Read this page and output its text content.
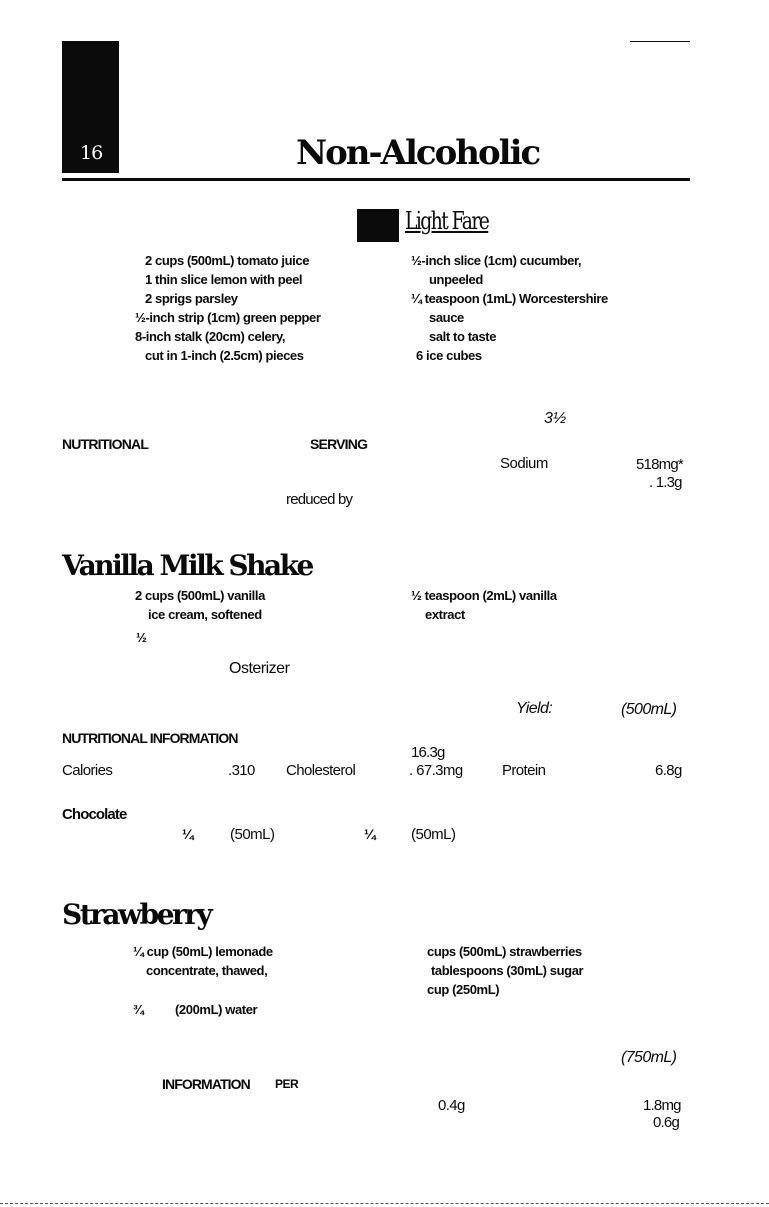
16	Non-Alcoholic
Light Fare
2 cups (500mL) tomato juice
1 thin slice lemon with peel
2 sprigs parsley
½-inch strip (1cm) green pepper
8-inch stalk (20cm) celery,
cut in 1-inch (2.5cm) pieces
½-inch slice (1cm) cucumber,
unpeeled
¼ teaspoon (1mL) Worcestershire
sauce
salt to taste
6 ice cubes
3½
NUTRITIONAL	SERVING
Sodium	518mg*
. 1.3g
reduced by
Vanilla Milk Shake
2 cups (500mL) vanilla
ice cream, softened
½
½ teaspoon (2mL) vanilla
extract
Osterizer
Yield:	(500mL)
NUTRITIONAL INFORMATION
16.3g
Calories	.310 Cholesterol	. 67.3mg	Protein	6.8g
Chocolate
¼ (50mL)	¼ (50mL)
Strawberry
¼ cup (50mL) lemonade
concentrate, thawed,
¾ (200mL) water
cups (500mL) strawberries
tablespoons (30mL) sugar
cup (250mL)
(750mL)
INFORMATION PER
0.4g	1.8mg
0.6g
